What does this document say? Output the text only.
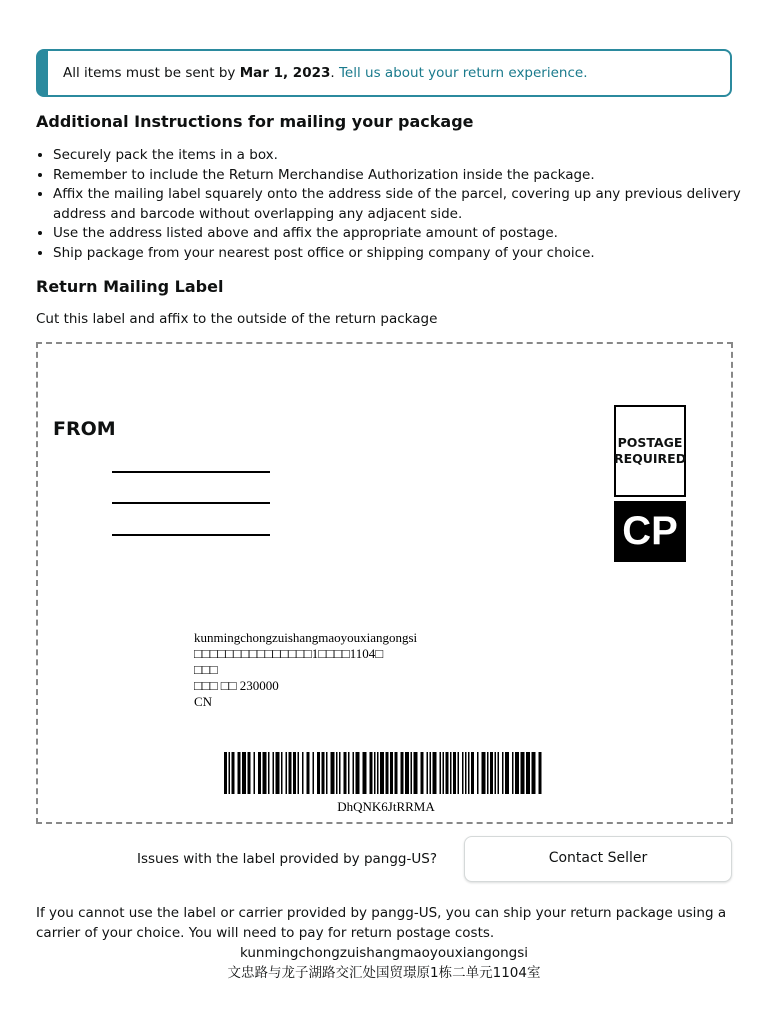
All items must be sent by Mar 1, 2023. Tell us about your return experience.
Additional Instructions for mailing your package
• Securely pack the items in a box.
• Remember to include the Return Merchandise Authorization inside the package.
• Affix the mailing label squarely onto the address side of the parcel, covering up any previous delivery address and barcode without overlapping any adjacent side.
• Use the address listed above and affix the appropriate amount of postage.
• Ship package from your nearest post office or shipping company of your choice.
Return Mailing Label
Cut this label and affix to the outside of the return package
FROM
POSTAGE
REQUIRED
CP
kunmingchongzuishangmaoyouxiangongsi
□□□□□□□□□□□□□□□1□□□□1104□
□□□
□□□ □□ 230000
CN
DhQNK6JtRRMA
Issues with the label provided by pangg-US?	Contact Seller
If you cannot use the label or carrier provided by pangg-US, you can ship your return package using a carrier of your choice. You will need to pay for return postage costs.
kunmingchongzuishangmaoyouxiangongsi
文忠路与龙子湖路交汇处国贸璟原1栋二单元1104室
